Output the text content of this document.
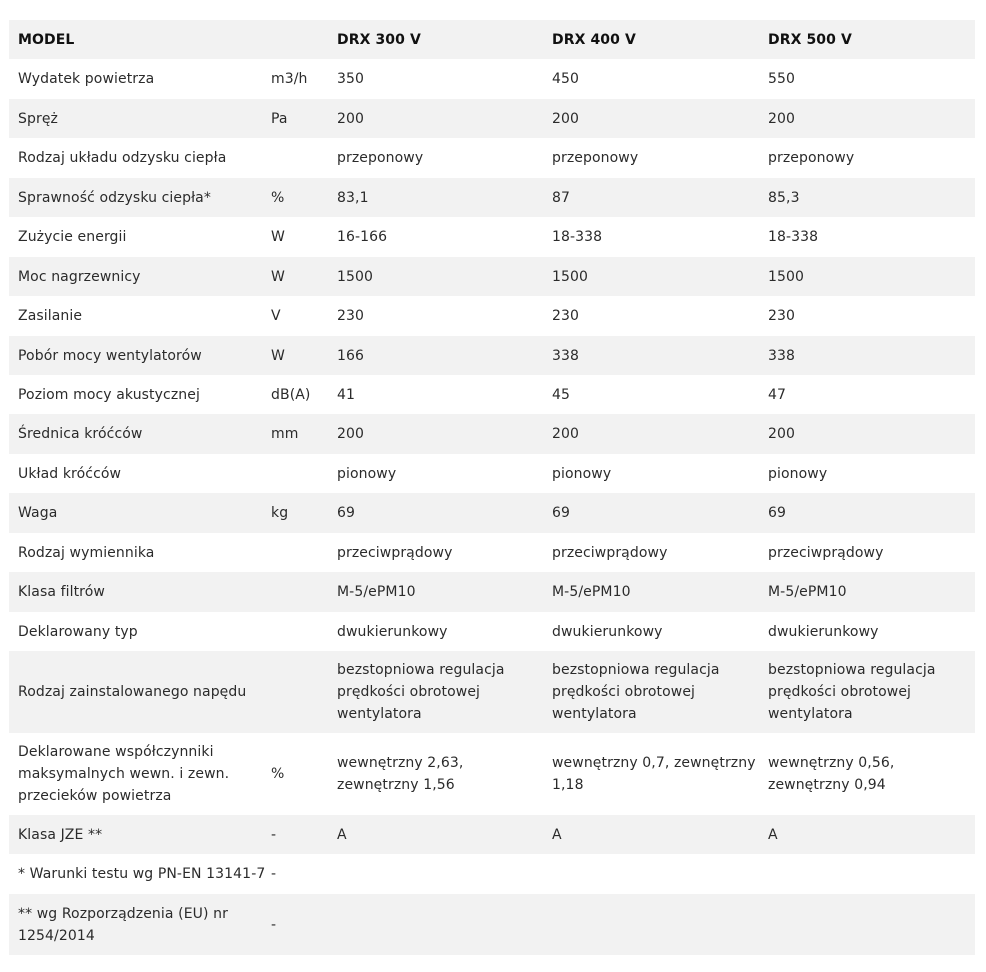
MODEL		DRX 300 V	DRX 400 V	DRX 500 V
Wydatek powietrza	m3/h	350	450	550
Spręż	Pa	200	200	200
Rodzaj układu odzysku ciepła		przeponowy	przeponowy	przeponowy
Sprawność odzysku ciepła*	%	83,1	87	85,3
Zużycie energii	W	16-166	18-338	18-338
Moc nagrzewnicy	W	1500	1500	1500
Zasilanie	V	230	230	230
Pobór mocy wentylatorów	W	166	338	338
Poziom mocy akustycznej	dB(A)	41	45	47
Średnica króćców	mm	200	200	200
Układ króćców		pionowy	pionowy	pionowy
Waga	kg	69	69	69
Rodzaj wymiennika		przeciwprądowy	przeciwprądowy	przeciwprądowy
Klasa filtrów		M-5/ePM10	M-5/ePM10	M-5/ePM10
Deklarowany typ		dwukierunkowy	dwukierunkowy	dwukierunkowy
Rodzaj zainstalowanego napędu		bezstopniowa regulacja prędkości obrotowej wentylatora	bezstopniowa regulacja prędkości obrotowej wentylatora	bezstopniowa regulacja prędkości obrotowej wentylatora
Deklarowane współczynniki maksymalnych wewn. i zewn. przecieków powietrza	%	wewnętrzny 2,63, zewnętrzny 1,56	wewnętrzny 0,7, zewnętrzny 1,18	wewnętrzny 0,56, zewnętrzny 0,94
Klasa JZE **	-	A	A	A
* Warunki testu wg PN-EN 13141-7	-			
** wg Rozporządzenia (EU) nr 1254/2014	-			
